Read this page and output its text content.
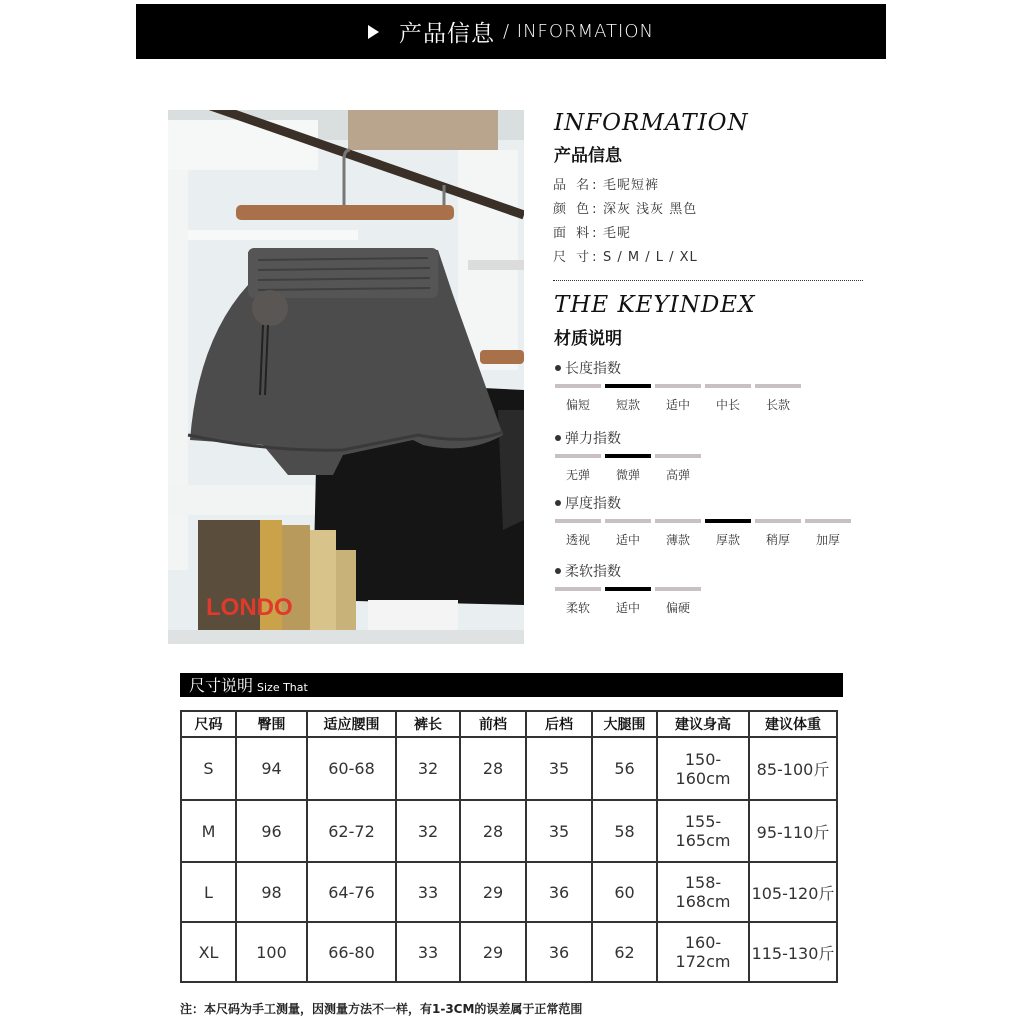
产品信息 / INFORMATION
LONDO
INFORMATION
产品信息
品 名: 毛呢短裤
颜 色: 深灰 浅灰 黑色
面 料: 毛呢
尺 寸: S / M / L / XL
THE KEYINDEX
材质说明
长度指数
偏短 短款 适中 中长 长款
弹力指数
无弹 微弹 高弹
厚度指数
透视 适中 薄款 厚款 稍厚 加厚
柔软指数
柔软 适中 偏硬
尺寸说明 Size That
尺码	臀围	适应腰围	裤长	前档	后档	大腿围	建议身高	建议体重
S	94	60-68	32	28	35	56	150-160cm	85-100斤
M	96	62-72	32	28	35	58	155-165cm	95-110斤
L	98	64-76	33	29	36	60	158-168cm	105-120斤
XL	100	66-80	33	29	36	62	160-172cm	115-130斤
注：本尺码为手工测量，因测量方法不一样，有1-3CM的误差属于正常范围
